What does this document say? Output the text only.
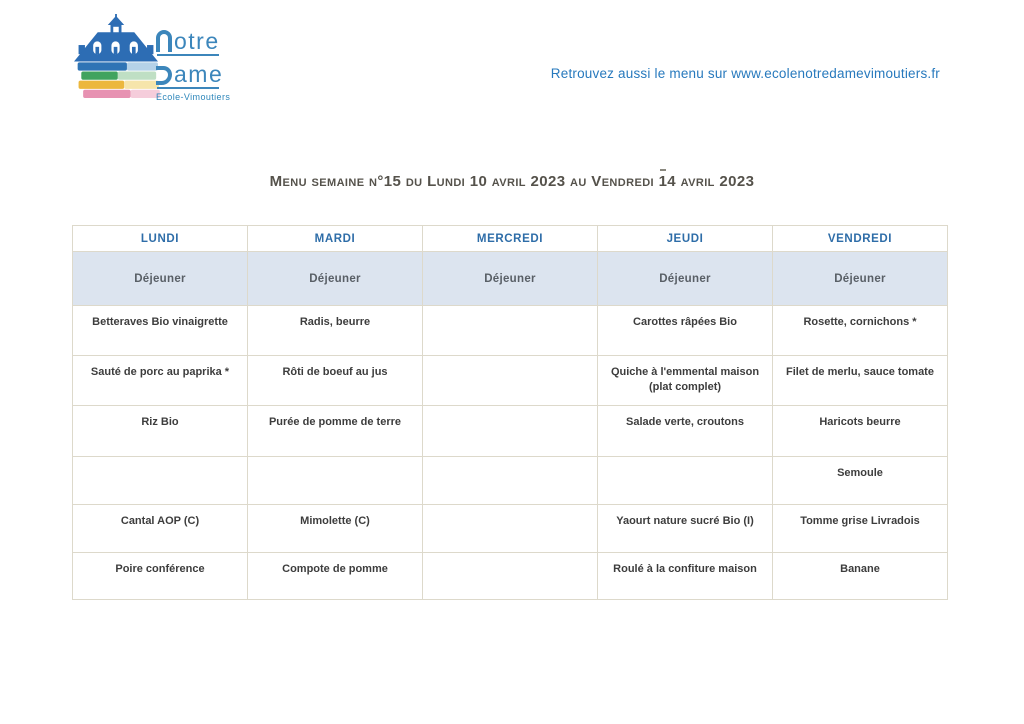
otre
ame
Ecole-Vimoutiers
Retrouvez aussi le menu sur www.ecolenotredamevimoutiers.fr
Menu semaine n°15 du Lundi 10 avril 2023 au Vendredi 14 avril 2023
LUNDI	MARDI	MERCREDI	JEUDI	VENDREDI
Déjeuner	Déjeuner	Déjeuner	Déjeuner	Déjeuner
Betteraves Bio vinaigrette	Radis, beurre		Carottes râpées Bio	Rosette, cornichons *
Sauté de porc au paprika *	Rôti de boeuf au jus		Quiche à l'emmental maison (plat complet)	Filet de merlu, sauce tomate
Riz Bio	Purée de pomme de terre		Salade verte, croutons	Haricots beurre
				Semoule
Cantal AOP (C)	Mimolette (C)		Yaourt nature sucré Bio (I)	Tomme grise Livradois
Poire conférence	Compote de pomme		Roulé à la confiture maison	Banane
